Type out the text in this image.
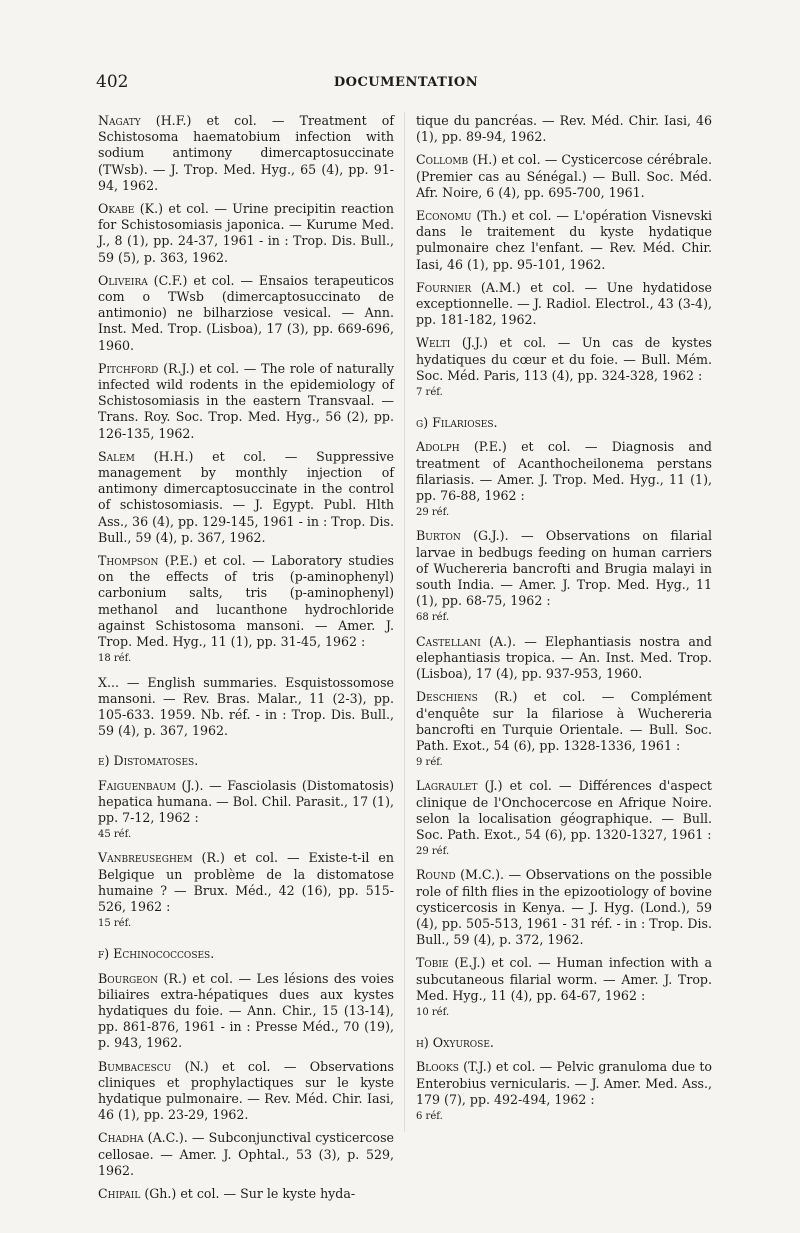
402	DOCUMENTATION
Nagaty (H.F.) et col. — Treatment of Schistosoma haematobium infection with sodium antimony dimercaptosuccinate (TWsb). — J. Trop. Med. Hyg., 65 (4), pp. 91-94, 1962.
Okabe (K.) et col. — Urine precipitin reaction for Schistosomiasis japonica. — Kurume Med. J., 8 (1), pp. 24-37, 1961 - in : Trop. Dis. Bull., 59 (5), p. 363, 1962.
Oliveira (C.F.) et col. — Ensaios terapeuticos com o TWsb (dimercaptosuccinato de antimonio) ne bilharziose vesical. — Ann. Inst. Med. Trop. (Lisboa), 17 (3), pp. 669-696, 1960.
Pitchford (R.J.) et col. — The role of naturally infected wild rodents in the epidemiology of Schistosomiasis in the eastern Transvaal. — Trans. Roy. Soc. Trop. Med. Hyg., 56 (2), pp. 126-135, 1962.
Salem (H.H.) et col. — Suppressive management by monthly injection of antimony dimercaptosuccinate in the control of schistosomiasis. — J. Egypt. Publ. Hlth Ass., 36 (4), pp. 129-145, 1961 - in : Trop. Dis. Bull., 59 (4), p. 367, 1962.
Thompson (P.E.) et col. — Laboratory studies on the effects of tris (p-aminophenyl) carbonium salts, tris (p-aminophenyl) methanol and lucanthone hydrochloride against Schistosoma mansoni. — Amer. J. Trop. Med. Hyg., 11 (1), pp. 31-45, 1962 :
18 réf.
X... — English summaries. Esquistossomose mansoni. — Rev. Bras. Malar., 11 (2-3), pp. 105-633. 1959. Nb. réf. - in : Trop. Dis. Bull., 59 (4), p. 367, 1962.
e) Distomatoses.
Faiguenbaum (J.). — Fasciolasis (Distomatosis) hepatica humana. — Bol. Chil. Parasit., 17 (1), pp. 7-12, 1962 :
45 réf.
Vanbreuseghem (R.) et col. — Existe-t-il en Belgique un problème de la distomatose humaine ? — Brux. Méd., 42 (16), pp. 515-526, 1962 :
15 réf.
f) Echinococcoses.
Bourgeon (R.) et col. — Les lésions des voies biliaires extra-hépatiques dues aux kystes hydatiques du foie. — Ann. Chir., 15 (13-14), pp. 861-876, 1961 - in : Presse Méd., 70 (19), p. 943, 1962.
Bumbacescu (N.) et col. — Observations cliniques et prophylactiques sur le kyste hydatique pulmonaire. — Rev. Méd. Chir. Iasi, 46 (1), pp. 23-29, 1962.
Chadha (A.C.). — Subconjunctival cysticercose cellosae. — Amer. J. Ophtal., 53 (3), p. 529, 1962.
Chipail (Gh.) et col. — Sur le kyste hyda-
tique du pancréas. — Rev. Méd. Chir. Iasi, 46 (1), pp. 89-94, 1962.
Collomb (H.) et col. — Cysticercose cérébrale. (Premier cas au Sénégal.) — Bull. Soc. Méd. Afr. Noire, 6 (4), pp. 695-700, 1961.
Economu (Th.) et col. — L'opération Visnevski dans le traitement du kyste hydatique pulmonaire chez l'enfant. — Rev. Méd. Chir. Iasi, 46 (1), pp. 95-101, 1962.
Fournier (A.M.) et col. — Une hydatidose exceptionnelle. — J. Radiol. Electrol., 43 (3-4), pp. 181-182, 1962.
Welti (J.J.) et col. — Un cas de kystes hydatiques du cœur et du foie. — Bull. Mém. Soc. Méd. Paris, 113 (4), pp. 324-328, 1962 :
7 réf.
g) Filarioses.
Adolph (P.E.) et col. — Diagnosis and treatment of Acanthocheilonema perstans filariasis. — Amer. J. Trop. Med. Hyg., 11 (1), pp. 76-88, 1962 :
29 réf.
Burton (G.J.). — Observations on filarial larvae in bedbugs feeding on human carriers of Wuchereria bancrofti and Brugia malayi in south India. — Amer. J. Trop. Med. Hyg., 11 (1), pp. 68-75, 1962 :
68 réf.
Castellani (A.). — Elephantiasis nostra and elephantiasis tropica. — An. Inst. Med. Trop. (Lisboa), 17 (4), pp. 937-953, 1960.
Deschiens (R.) et col. — Complément d'enquête sur la filariose à Wuchereria bancrofti en Turquie Orientale. — Bull. Soc. Path. Exot., 54 (6), pp. 1328-1336, 1961 :
9 réf.
Lagraulet (J.) et col. — Différences d'aspect clinique de l'Onchocercose en Afrique Noire. selon la localisation géographique. — Bull. Soc. Path. Exot., 54 (6), pp. 1320-1327, 1961 :
29 réf.
Round (M.C.). — Observations on the possible role of filth flies in the epizootiology of bovine cysticercosis in Kenya. — J. Hyg. (Lond.), 59 (4), pp. 505-513, 1961 - 31 réf. - in : Trop. Dis. Bull., 59 (4), p. 372, 1962.
Tobie (E.J.) et col. — Human infection with a subcutaneous filarial worm. — Amer. J. Trop. Med. Hyg., 11 (4), pp. 64-67, 1962 :
10 réf.
h) Oxyurose.
Blooks (T.J.) et col. — Pelvic granuloma due to Enterobius vernicularis. — J. Amer. Med. Ass., 179 (7), pp. 492-494, 1962 :
6 réf.
